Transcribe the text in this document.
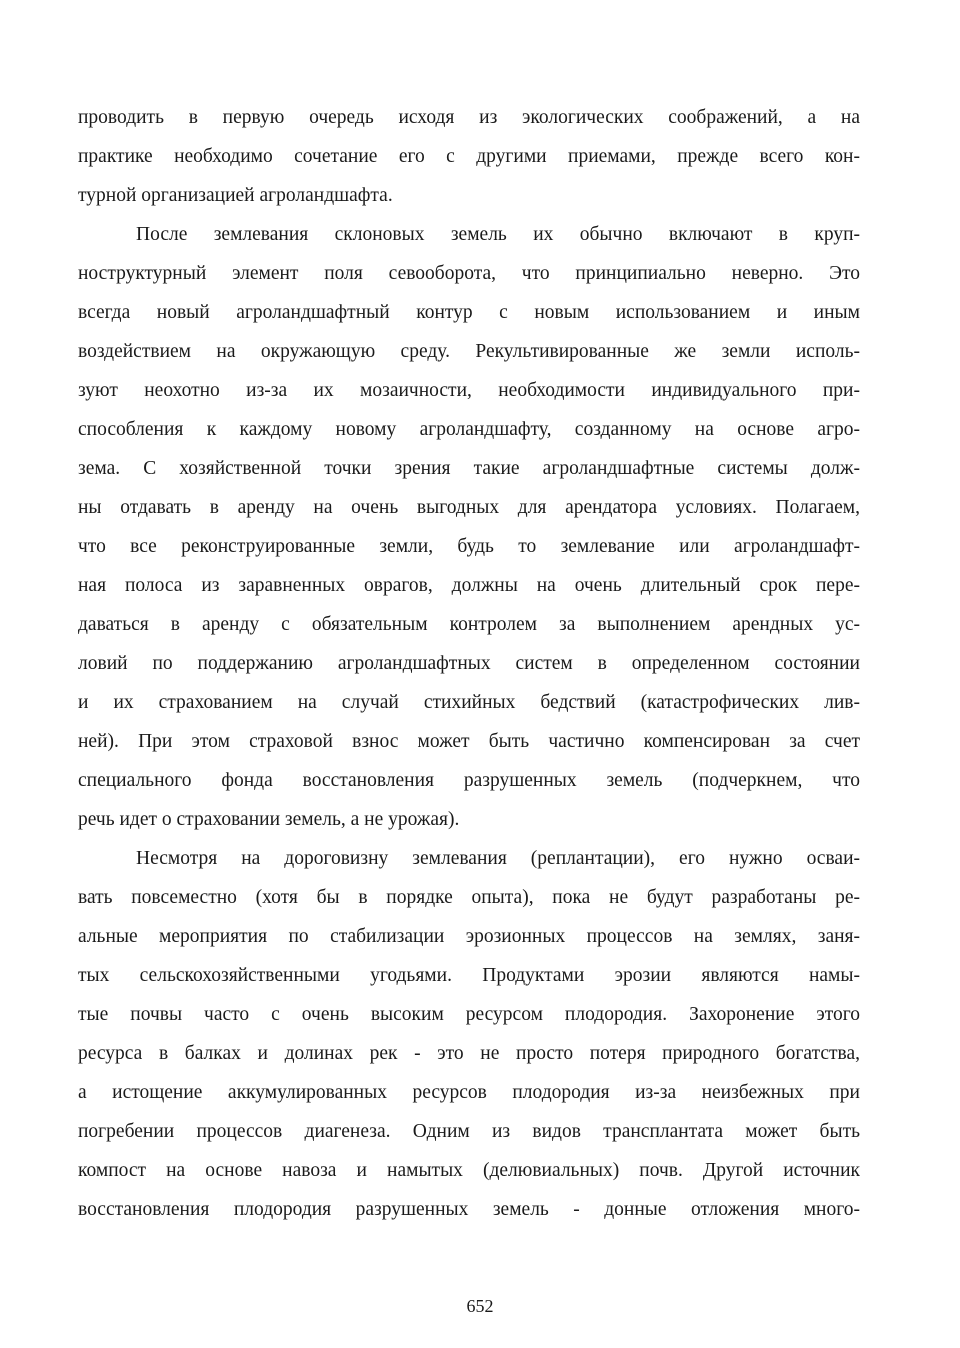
проводить в первую очередь исходя из экологических соображений, а на
практике необходимо сочетание его с другими приемами, прежде всего кон-
турной организацией агроландшафта.
После землевания склоновых земель их обычно включают в круп-
ноструктурный элемент поля севооборота, что принципиально неверно. Это
всегда новый агроландшафтный контур с новым использованием и иным
воздействием на окружающую среду. Рекультивированные же земли исполь-
зуют неохотно из-за их мозаичности, необходимости индивидуального при-
способления к каждому новому агроландшафту, созданному на основе агро-
зема. С хозяйственной точки зрения такие агроландшафтные системы долж-
ны отдавать в аренду на очень выгодных для арендатора условиях. Полагаем,
что все реконструированные земли, будь то землевание или агроландшафт-
ная полоса из заравненных оврагов, должны на очень длительный срок пере-
даваться в аренду с обязательным контролем за выполнением арендных ус-
ловий по поддержанию агроландшафтных систем в определенном состоянии
и их страхованием на случай стихийных бедствий (катастрофических лив-
ней). При этом страховой взнос может быть частично компенсирован за счет
специального фонда восстановления разрушенных земель (подчеркнем, что
речь идет о страховании земель, а не урожая).
Несмотря на дороговизну землевания (реплантации), его нужно осваи-
вать повсеместно (хотя бы в порядке опыта), пока не будут разработаны ре-
альные мероприятия по стабилизации эрозионных процессов на землях, заня-
тых сельскохозяйственными угодьями. Продуктами эрозии являются намы-
тые почвы часто с очень высоким ресурсом плодородия. Захоронение этого
ресурса в балках и долинах рек - это не просто потеря природного богатства,
а истощение аккумулированных ресурсов плодородия из-за неизбежных при
погребении процессов диагенеза. Одним из видов трансплантата может быть
компост на основе навоза и намытых (делювиальных) почв. Другой источник
восстановления плодородия разрушенных земель - донные отложения много-
652
